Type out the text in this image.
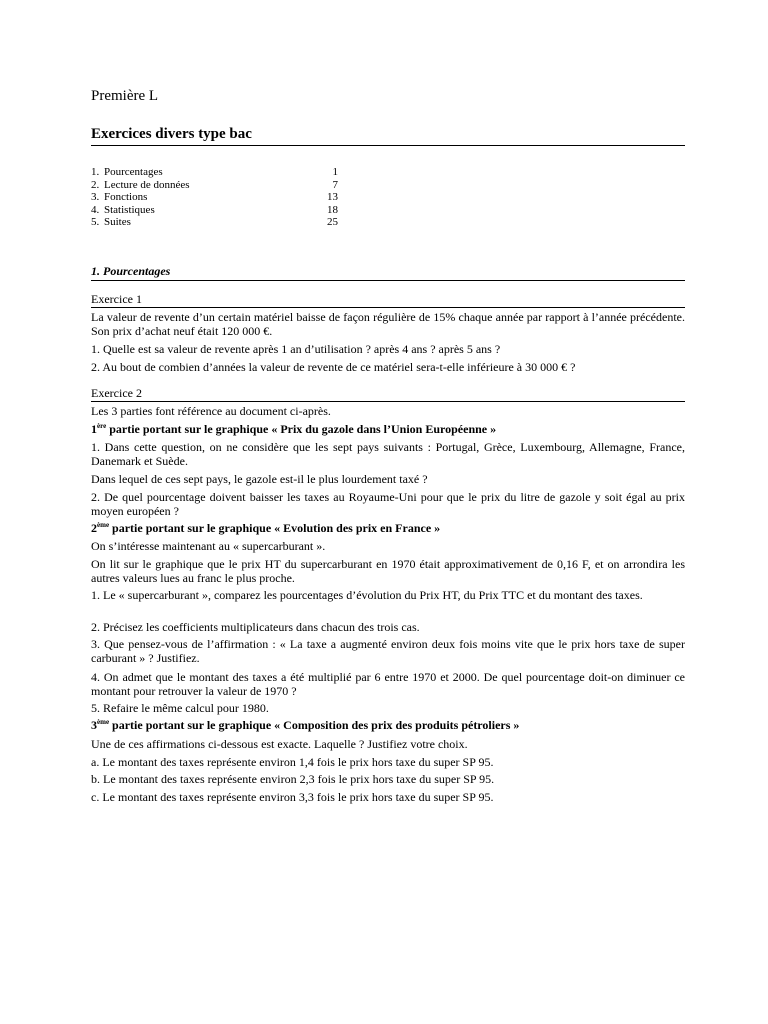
Première L
Exercices divers type bac
1. Pourcentages	1
2. Lecture de données	7
3. Fonctions	13
4. Statistiques	18
5. Suites	25
1. Pourcentages
Exercice 1
La valeur de revente d’un certain matériel baisse de façon régulière de 15% chaque année par rapport à l’année précédente. Son prix d’achat neuf était 120 000 €.
1. Quelle est sa valeur de revente après 1 an d’utilisation ? après 4 ans ? après 5 ans ?
2. Au bout de combien d’années la valeur de revente de ce matériel sera-t-elle inférieure à 30 000 € ?
Exercice 2
Les 3 parties font référence au document ci-après.
1ère partie portant sur le graphique « Prix du gazole dans l’Union Européenne »
1. Dans cette question, on ne considère que les sept pays suivants : Portugal, Grèce, Luxembourg, Allemagne, France, Danemark et Suède.
Dans lequel de ces sept pays, le gazole est-il le plus lourdement taxé ?
2. De quel pourcentage doivent baisser les taxes au Royaume-Uni pour que le prix du litre de gazole y soit égal au prix moyen européen ?
2ème partie portant sur le graphique « Evolution des prix en France »
On s’intéresse maintenant au « supercarburant ».
On lit sur le graphique que le prix HT du supercarburant en 1970 était approximativement de 0,16 F, et on arrondira les autres valeurs lues au franc le plus proche.
1. Le « supercarburant », comparez les pourcentages d’évolution du Prix HT, du Prix TTC et du montant des taxes.
2. Précisez les coefficients multiplicateurs dans chacun des trois cas.
3. Que pensez-vous de l’affirmation : « La taxe a augmenté environ deux fois moins vite que le prix hors taxe de super carburant » ? Justifiez.
4. On admet que le montant des taxes a été multiplié par 6 entre 1970 et 2000. De quel pourcentage doit-on diminuer ce montant pour retrouver la valeur de 1970 ?
5. Refaire le même calcul pour 1980.
3ème partie portant sur le graphique « Composition des prix des produits pétroliers »
Une de ces affirmations ci-dessous est exacte. Laquelle ? Justifiez votre choix.
a. Le montant des taxes représente environ 1,4 fois le prix hors taxe du super SP 95.
b. Le montant des taxes représente environ 2,3 fois le prix hors taxe du super SP 95.
c. Le montant des taxes représente environ 3,3 fois le prix hors taxe du super SP 95.
